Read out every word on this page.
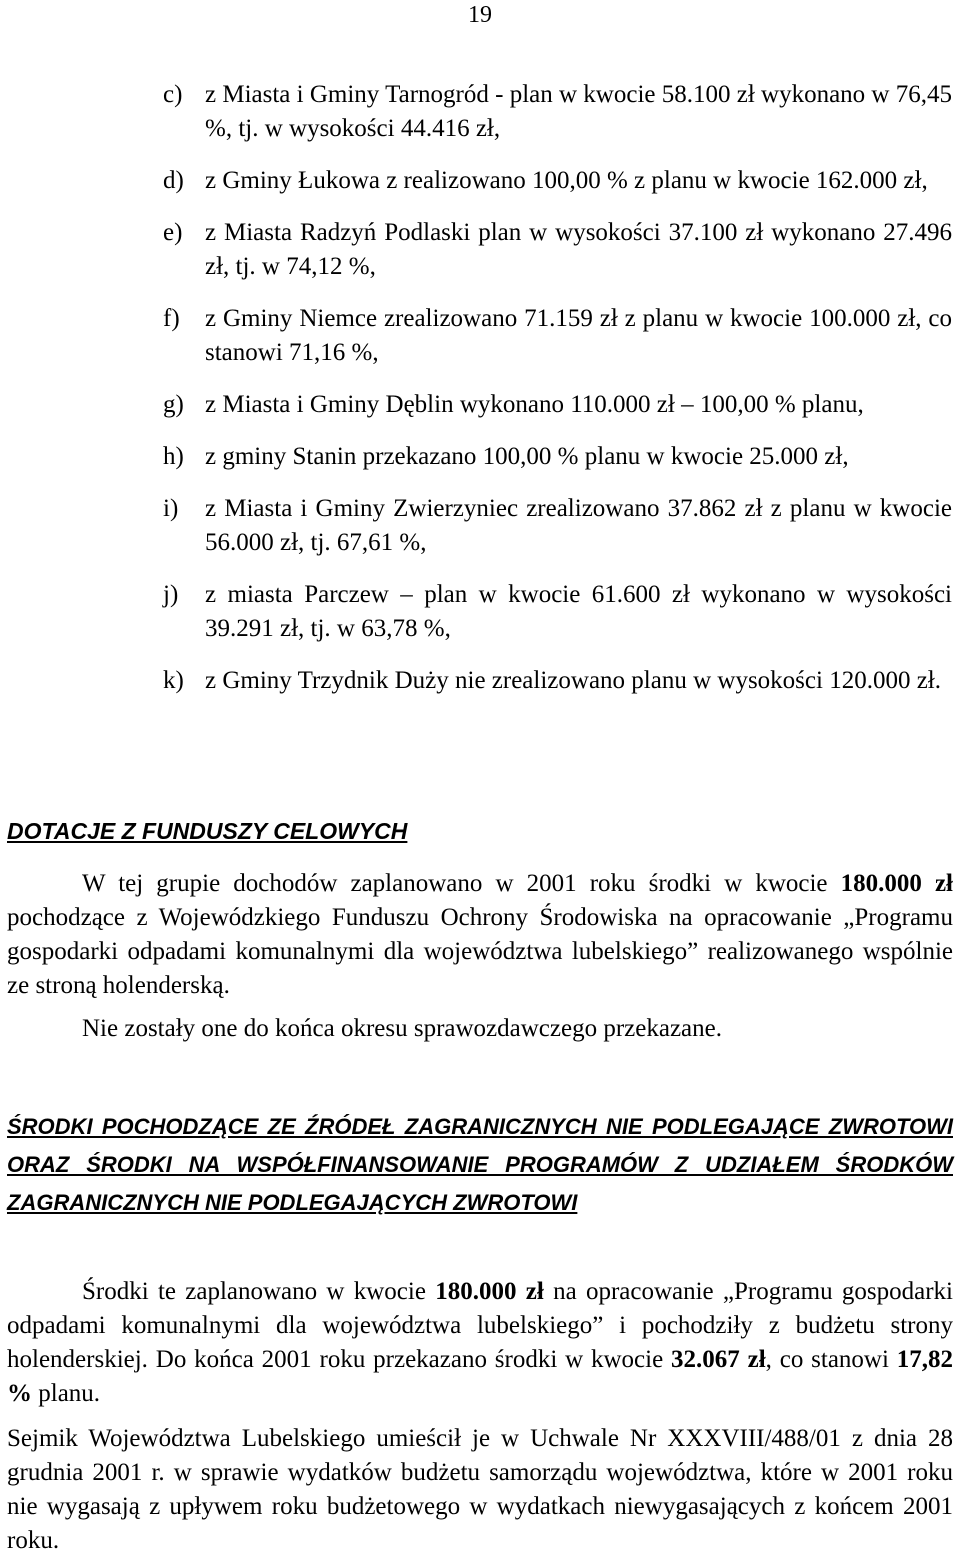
19
c) z Miasta i Gminy Tarnogród - plan w kwocie 58.100 zł wykonano w 76,45 %, tj. w wysokości 44.416 zł,
d) z Gminy Łukowa z realizowano 100,00 % z planu w kwocie 162.000 zł,
e) z Miasta Radzyń Podlaski plan w wysokości 37.100 zł wykonano 27.496 zł, tj. w 74,12 %,
f) z Gminy Niemce zrealizowano 71.159 zł z planu w kwocie 100.000 zł, co stanowi 71,16 %,
g) z Miasta i Gminy Dęblin wykonano 110.000 zł – 100,00 % planu,
h) z gminy Stanin przekazano 100,00 % planu w kwocie 25.000 zł,
i) z Miasta i Gminy Zwierzyniec zrealizowano 37.862 zł z planu w kwocie 56.000 zł, tj. 67,61 %,
j) z miasta Parczew – plan w kwocie 61.600 zł wykonano w wysokości 39.291 zł, tj. w 63,78 %,
k) z Gminy Trzydnik Duży nie zrealizowano planu w wysokości 120.000 zł.
DOTACJE Z FUNDUSZY CELOWYCH

W tej grupie dochodów zaplanowano w 2001 roku środki w kwocie 180.000 zł pochodzące z Wojewódzkiego Funduszu Ochrony Środowiska na opracowanie „Programu gospodarki odpadami komunalnymi dla województwa lubelskiego” realizowanego wspólnie ze stroną holenderską.

Nie zostały one do końca okresu sprawozdawczego przekazane.

ŚRODKI POCHODZĄCE ZE ŹRÓDEŁ ZAGRANICZNYCH NIE PODLEGAJĄCE ZWROTOWI ORAZ ŚRODKI NA WSPÓŁFINANSOWANIE PROGRAMÓW Z UDZIAŁEM ŚRODKÓW ZAGRANICZNYCH NIE PODLEGAJĄCYCH ZWROTOWI

Środki te zaplanowano w kwocie 180.000 zł na opracowanie „Programu gospodarki odpadami komunalnymi dla województwa lubelskiego” i pochodziły z budżetu strony holenderskiej. Do końca 2001 roku przekazano środki w kwocie 32.067 zł, co stanowi 17,82 % planu.

Sejmik Województwa Lubelskiego umieścił je w Uchwale Nr XXXVIII/488/01 z dnia 28 grudnia 2001 r. w sprawie wydatków budżetu samorządu województwa, które w 2001 roku nie wygasają z upływem roku budżetowego w wydatkach niewygasających z końcem 2001 roku.
